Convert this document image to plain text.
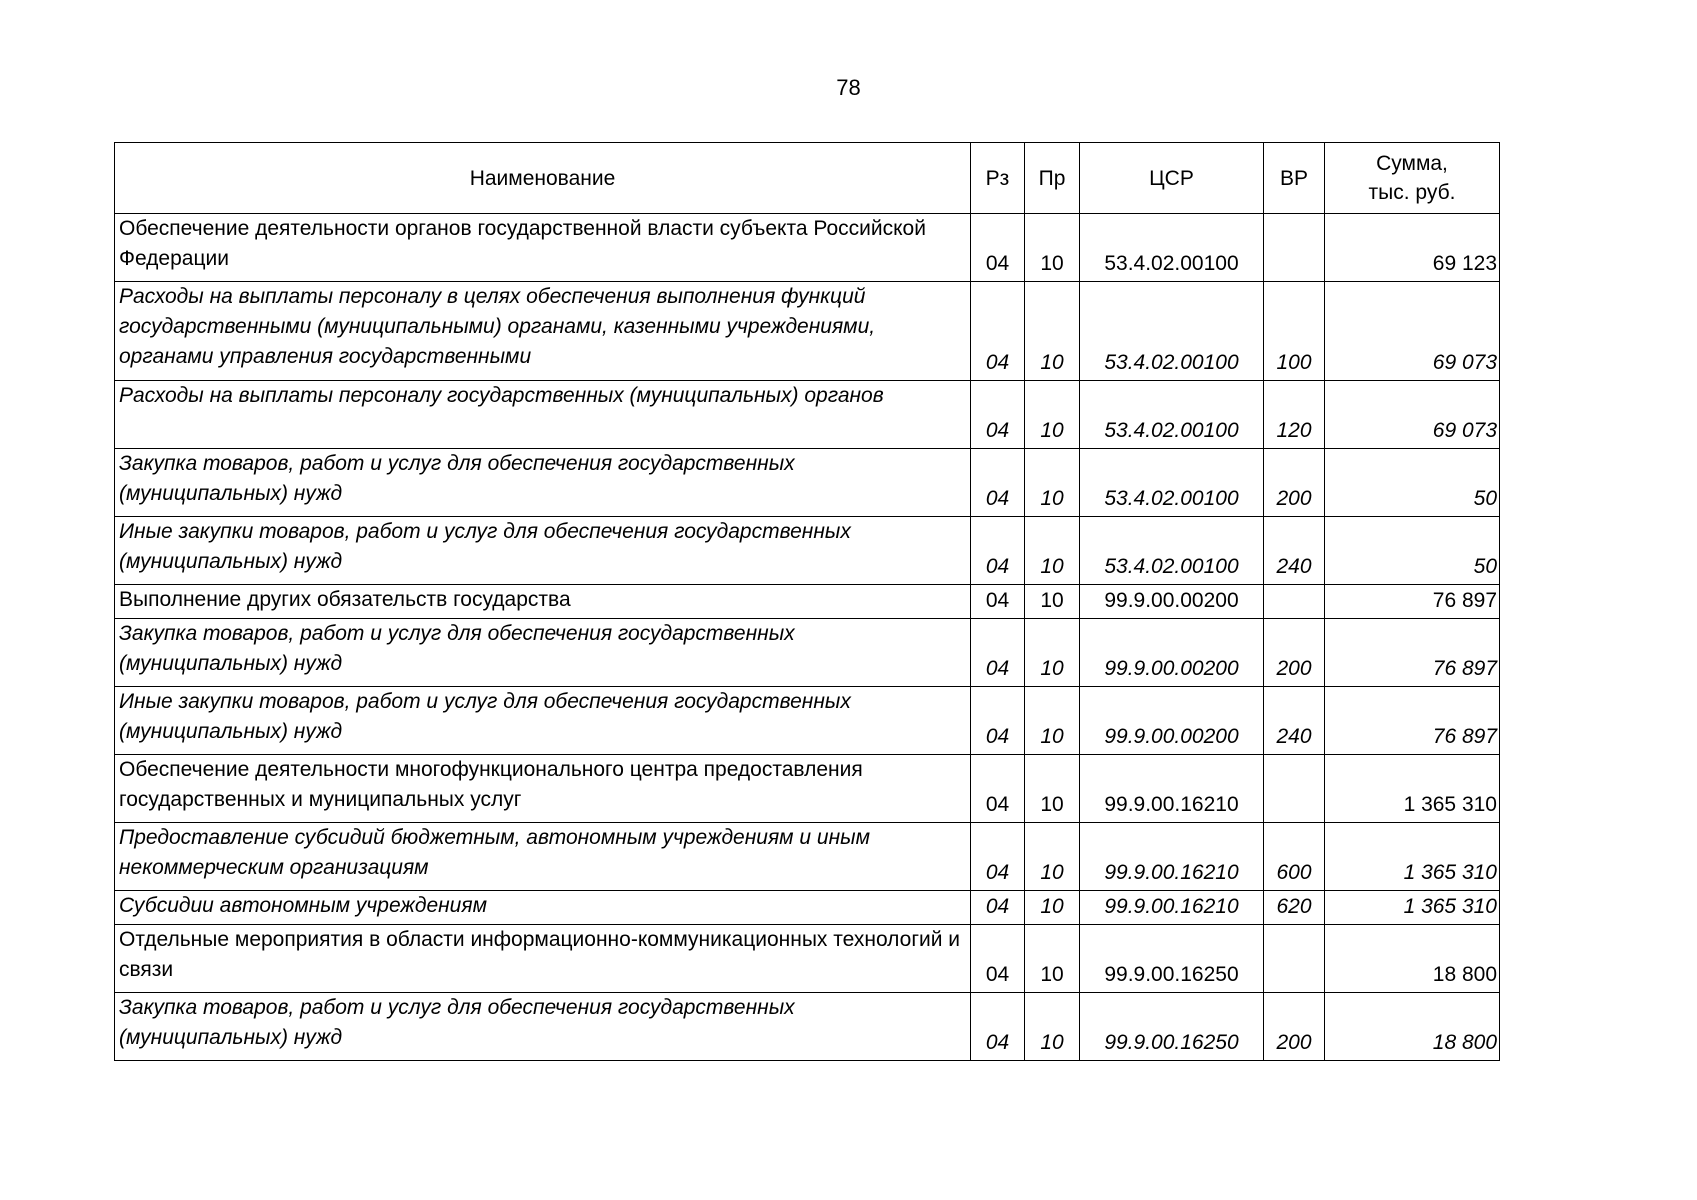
78
Наименование	Рз	Пр	ЦСР	ВР	Сумма,
тыс. руб.
Обеспечение деятельности органов государственной власти субъекта Российской Федерации	04	10	53.4.02.00100		69 123
Расходы на выплаты персоналу в целях обеспечения выполнения функций государственными (муниципальными) органами, казенными учреждениями, органами управления государственными	04	10	53.4.02.00100	100	69 073
Расходы на выплаты персоналу государственных (муниципальных) органов	04	10	53.4.02.00100	120	69 073
Закупка товаров, работ и услуг для обеспечения государственных (муниципальных) нужд	04	10	53.4.02.00100	200	50
Иные закупки товаров, работ и услуг для обеспечения государственных (муниципальных) нужд	04	10	53.4.02.00100	240	50
Выполнение других обязательств государства	04	10	99.9.00.00200		76 897
Закупка товаров, работ и услуг для обеспечения государственных (муниципальных) нужд	04	10	99.9.00.00200	200	76 897
Иные закупки товаров, работ и услуг для обеспечения государственных (муниципальных) нужд	04	10	99.9.00.00200	240	76 897
Обеспечение деятельности многофункционального центра предоставления государственных и муниципальных услуг	04	10	99.9.00.16210		1 365 310
Предоставление субсидий бюджетным, автономным учреждениям и иным некоммерческим организациям	04	10	99.9.00.16210	600	1 365 310
Субсидии автономным учреждениям	04	10	99.9.00.16210	620	1 365 310
Отдельные мероприятия в области информационно-коммуникационных технологий и связи	04	10	99.9.00.16250		18 800
Закупка товаров, работ и услуг для обеспечения государственных (муниципальных) нужд	04	10	99.9.00.16250	200	18 800
